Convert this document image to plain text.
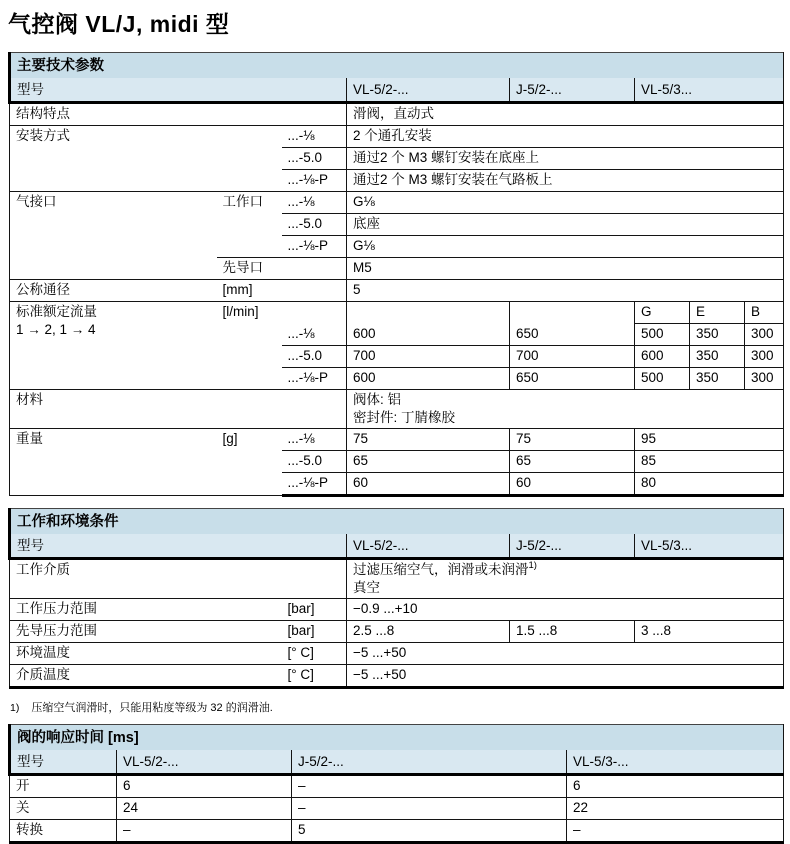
气控阀 VL/J, midi 型
主要技术参数							
型号			VL-5/2-...	J-5/2-...	VL-5/3...		
结构特点			滑阀，直动式				
安装方式		...-⅛	2 个通孔安装				
		...-5.0	通过2 个 M3 螺钉安装在底座上				
		...-⅛-P	通过2 个 M3 螺钉安装在气路板上				
气接口	工作口	...-⅛	G⅛				
		...-5.0	底座				
		...-⅛-P	G⅛				
	先导口		M5				
公称通径	[mm]		5				

标准额定流量
1 → 2, 1 → 4	[l/min]				G	E	B
		...-⅛	600	650	500	350	300
		...-5.0	700	700	600	350	300
		...-⅛-P	600	650	500	350	300
材料			阀体: 铝
密封件: 丁腈橡胶				

重量	[g]	...-⅛	75	75	95		
		...-5.0	65	65	85		
		...-⅛-P	60	60	80		
工作和环境条件				
型号		VL-5/2-...	J-5/2-...	VL-5/3...
工作介质		过滤压缩空气，润滑或未润滑$^{1)}$
真空		

工作压力范围	[bar]	−0.9 ...+10		
先导压力范围	[bar]	2.5 ...8	1.5 ...8	3 ...8
环境温度	[° C]	−5 ...+50		
介质温度	[° C]	−5 ...+50		
1) 压缩空气润滑时，只能用粘度等级为 32 的润滑油.
阀的响应时间 [ms]			
型号	VL-5/2-...	J-5/2-...	VL-5/3-...
开	6	–	6
关	24	–	22
转换	–	5	–
